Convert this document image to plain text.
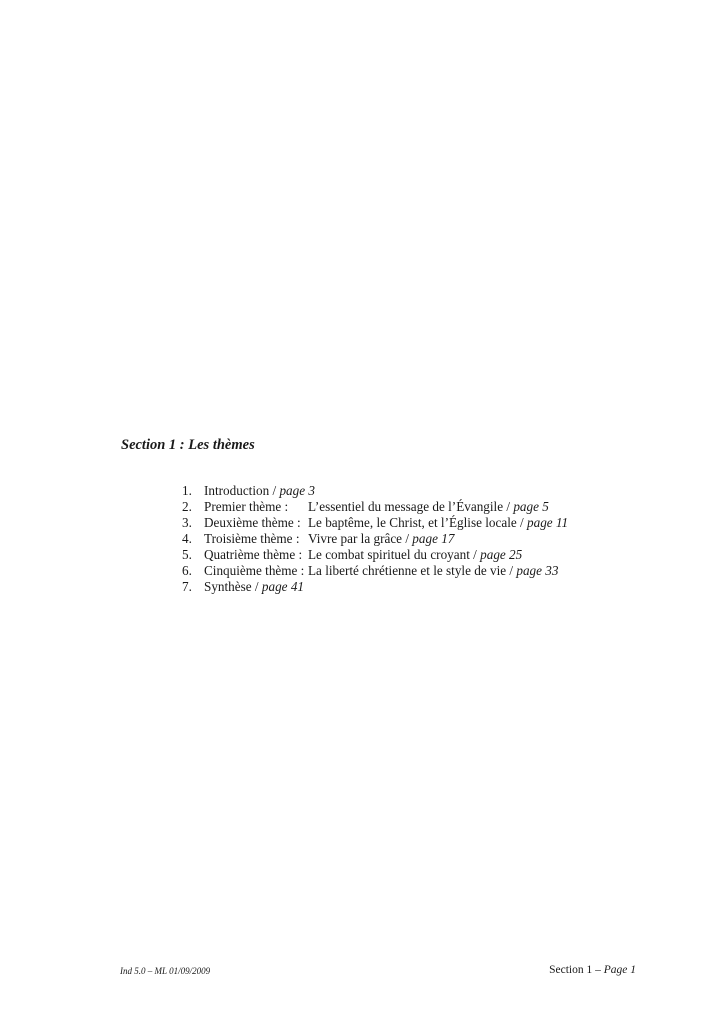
Section 1 : Les thèmes
1. Introduction / page 3
2. Premier thème : L’essentiel du message de l’Évangile / page 5
3. Deuxième thème : Le baptême, le Christ, et l’Église locale / page 11
4. Troisième thème : Vivre par la grâce / page 17
5. Quatrième thème : Le combat spirituel du croyant / page 25
6. Cinquième thème : La liberté chrétienne et le style de vie / page 33
7. Synthèse / page 41
Ind 5.0 – ML 01/09/2009	Section 1 – Page 1
